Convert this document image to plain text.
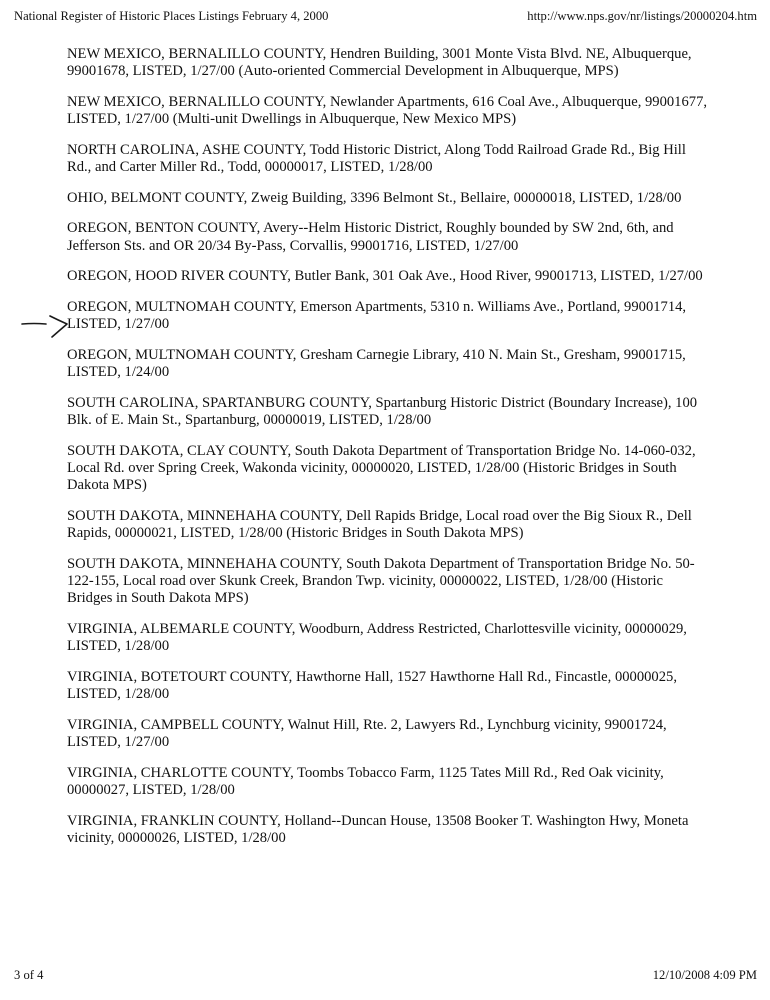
National Register of Historic Places Listings February 4, 2000	http://www.nps.gov/nr/listings/20000204.htm

NEW MEXICO, BERNALILLO COUNTY, Hendren Building, 3001 Monte Vista Blvd. NE, Albuquerque, 99001678, LISTED, 1/27/00 (Auto-oriented Commercial Development in Albuquerque, MPS)

NEW MEXICO, BERNALILLO COUNTY, Newlander Apartments, 616 Coal Ave., Albuquerque, 99001677, LISTED, 1/27/00 (Multi-unit Dwellings in Albuquerque, New Mexico MPS)

NORTH CAROLINA, ASHE COUNTY, Todd Historic District, Along Todd Railroad Grade Rd., Big Hill Rd., and Carter Miller Rd., Todd, 00000017, LISTED, 1/28/00

OHIO, BELMONT COUNTY, Zweig Building, 3396 Belmont St., Bellaire, 00000018, LISTED, 1/28/00

OREGON, BENTON COUNTY, Avery--Helm Historic District, Roughly bounded by SW 2nd, 6th, and Jefferson Sts. and OR 20/34 By-Pass, Corvallis, 99001716, LISTED, 1/27/00

OREGON, HOOD RIVER COUNTY, Butler Bank, 301 Oak Ave., Hood River, 99001713, LISTED, 1/27/00

OREGON, MULTNOMAH COUNTY, Emerson Apartments, 5310 n. Williams Ave., Portland, 99001714, LISTED, 1/27/00

OREGON, MULTNOMAH COUNTY, Gresham Carnegie Library, 410 N. Main St., Gresham, 99001715, LISTED, 1/24/00

SOUTH CAROLINA, SPARTANBURG COUNTY, Spartanburg Historic District (Boundary Increase), 100 Blk. of E. Main St., Spartanburg, 00000019, LISTED, 1/28/00

SOUTH DAKOTA, CLAY COUNTY, South Dakota Department of Transportation Bridge No. 14-060-032, Local Rd. over Spring Creek, Wakonda vicinity, 00000020, LISTED, 1/28/00 (Historic Bridges in South Dakota MPS)

SOUTH DAKOTA, MINNEHAHA COUNTY, Dell Rapids Bridge, Local road over the Big Sioux R., Dell Rapids, 00000021, LISTED, 1/28/00 (Historic Bridges in South Dakota MPS)

SOUTH DAKOTA, MINNEHAHA COUNTY, South Dakota Department of Transportation Bridge No. 50-122-155, Local road over Skunk Creek, Brandon Twp. vicinity, 00000022, LISTED, 1/28/00 (Historic Bridges in South Dakota MPS)

VIRGINIA, ALBEMARLE COUNTY, Woodburn, Address Restricted, Charlottesville vicinity, 00000029, LISTED, 1/28/00

VIRGINIA, BOTETOURT COUNTY, Hawthorne Hall, 1527 Hawthorne Hall Rd., Fincastle, 00000025, LISTED, 1/28/00

VIRGINIA, CAMPBELL COUNTY, Walnut Hill, Rte. 2, Lawyers Rd., Lynchburg vicinity, 99001724, LISTED, 1/27/00

VIRGINIA, CHARLOTTE COUNTY, Toombs Tobacco Farm, 1125 Tates Mill Rd., Red Oak vicinity, 00000027, LISTED, 1/28/00

VIRGINIA, FRANKLIN COUNTY, Holland--Duncan House, 13508 Booker T. Washington Hwy, Moneta vicinity, 00000026, LISTED, 1/28/00

3 of 4	12/10/2008 4:09 PM
